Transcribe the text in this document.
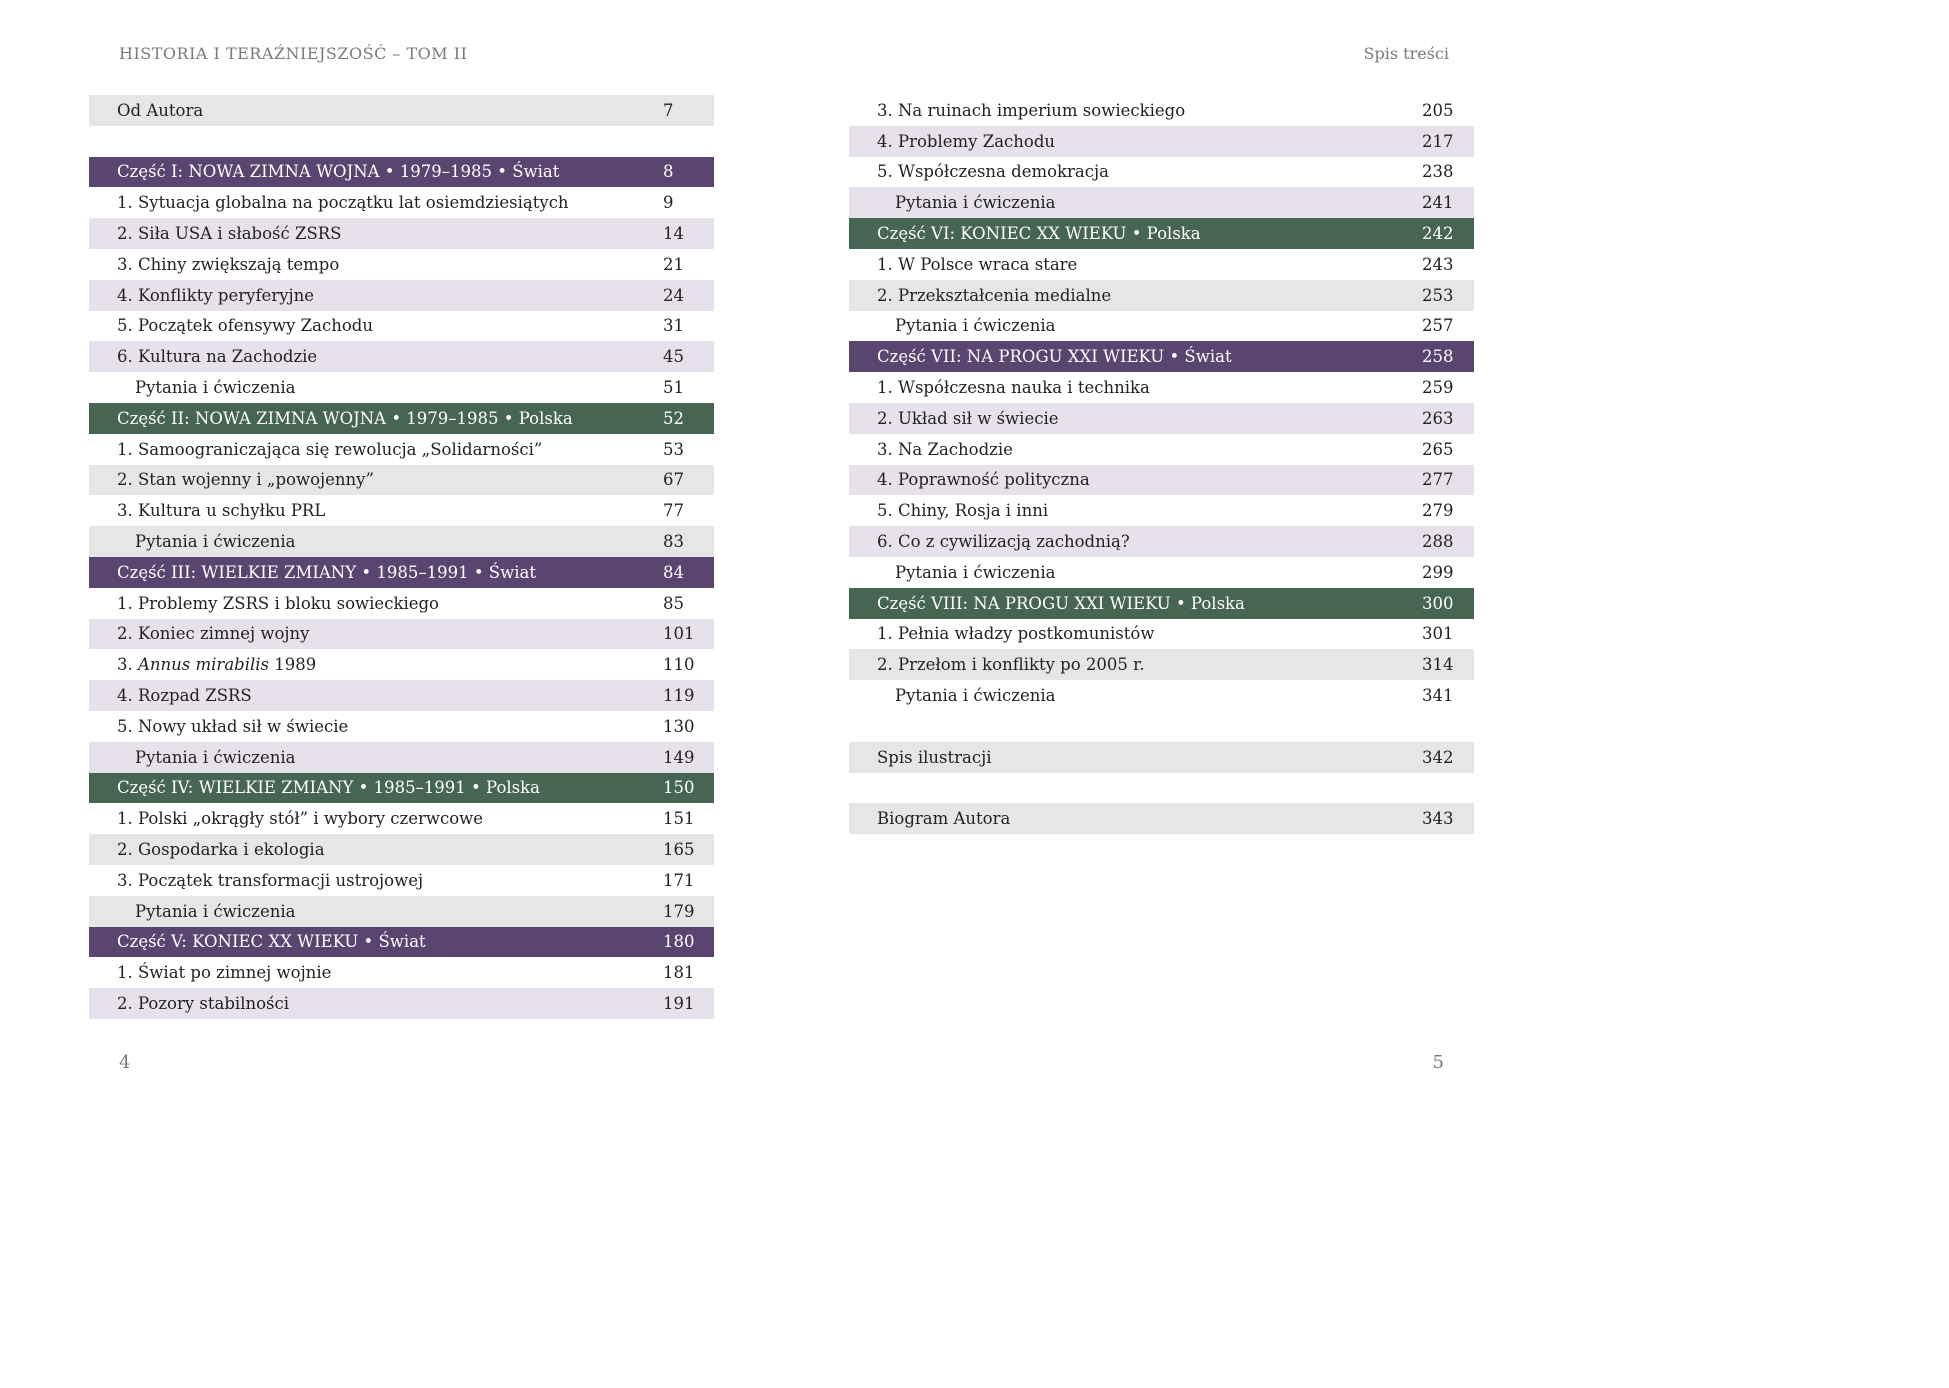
HISTORIA I TERAŹNIEJSZOŚĆ – TOM II	Spis treści
Od Autora	7
Część I: NOWA ZIMNA WOJNA • 1979–1985 • Świat	8
1. Sytuacja globalna na początku lat osiemdziesiątych	9
2. Siła USA i słabość ZSRS	14
3. Chiny zwiększają tempo	21
4. Konflikty peryferyjne	24
5. Początek ofensywy Zachodu	31
6. Kultura na Zachodzie	45
Pytania i ćwiczenia	51
Część II: NOWA ZIMNA WOJNA • 1979–1985 • Polska	52
1. Samoograniczająca się rewolucja „Solidarności”	53
2. Stan wojenny i „powojenny”	67
3. Kultura u schyłku PRL	77
Pytania i ćwiczenia	83
Część III: WIELKIE ZMIANY • 1985–1991 • Świat	84
1. Problemy ZSRS i bloku sowieckiego	85
2. Koniec zimnej wojny	101
3. Annus mirabilis 1989	110
4. Rozpad ZSRS	119
5. Nowy układ sił w świecie	130
Pytania i ćwiczenia	149
Część IV: WIELKIE ZMIANY • 1985–1991 • Polska	150
1. Polski „okrągły stół” i wybory czerwcowe	151
2. Gospodarka i ekologia	165
3. Początek transformacji ustrojowej	171
Pytania i ćwiczenia	179
Część V: KONIEC XX WIEKU • Świat	180
1. Świat po zimnej wojnie	181
2. Pozory stabilności	191
3. Na ruinach imperium sowieckiego	205
4. Problemy Zachodu	217
5. Współczesna demokracja	238
Pytania i ćwiczenia	241
Część VI: KONIEC XX WIEKU • Polska	242
1. W Polsce wraca stare	243
2. Przekształcenia medialne	253
Pytania i ćwiczenia	257
Część VII: NA PROGU XXI WIEKU • Świat	258
1. Współczesna nauka i technika	259
2. Układ sił w świecie	263
3. Na Zachodzie	265
4. Poprawność polityczna	277
5. Chiny, Rosja i inni	279
6. Co z cywilizacją zachodnią?	288
Pytania i ćwiczenia	299
Część VIII: NA PROGU XXI WIEKU • Polska	300
1. Pełnia władzy postkomunistów	301
2. Przełom i konflikty po 2005 r.	314
Pytania i ćwiczenia	341
Spis ilustracji	342
Biogram Autora	343
4	5
